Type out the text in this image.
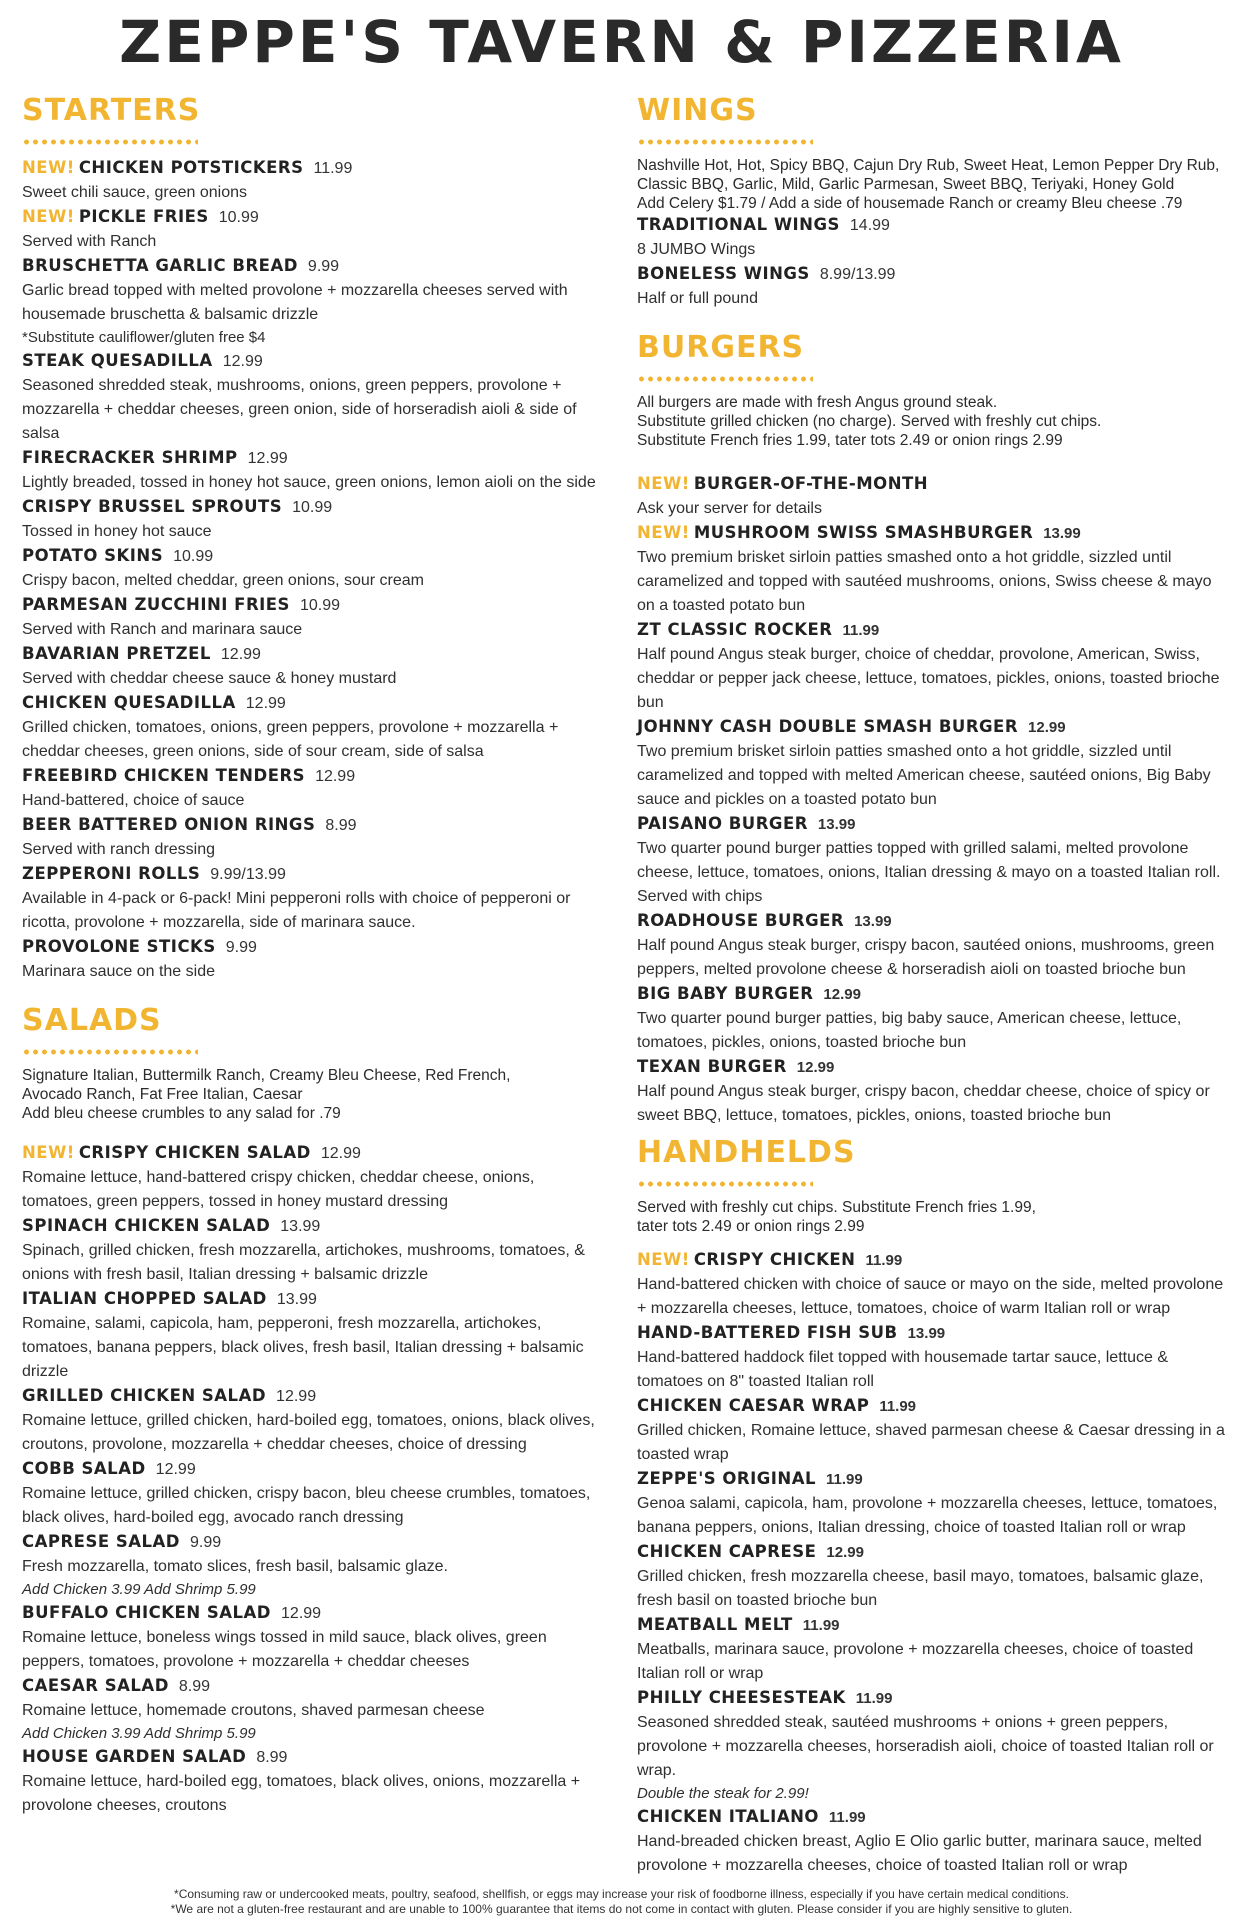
ZEPPE'S TAVERN & PIZZERIA
STARTERS
NEW! CHICKEN POTSTICKERS 11.99
Sweet chili sauce, green onions
NEW! PICKLE FRIES 10.99
Served with Ranch
BRUSCHETTA GARLIC BREAD 9.99
Garlic bread topped with melted provolone + mozzarella cheeses served with housemade bruschetta & balsamic drizzle
*Substitute cauliflower/gluten free $4
STEAK QUESADILLA 12.99
Seasoned shredded steak, mushrooms, onions, green peppers, provolone + mozzarella + cheddar cheeses, green onion, side of horseradish aioli & side of salsa
FIRECRACKER SHRIMP 12.99
Lightly breaded, tossed in honey hot sauce, green onions, lemon aioli on the side
CRISPY BRUSSEL SPROUTS 10.99
Tossed in honey hot sauce
POTATO SKINS 10.99
Crispy bacon, melted cheddar, green onions, sour cream
PARMESAN ZUCCHINI FRIES 10.99
Served with Ranch and marinara sauce
BAVARIAN PRETZEL 12.99
Served with cheddar cheese sauce & honey mustard
CHICKEN QUESADILLA 12.99
Grilled chicken, tomatoes, onions, green peppers, provolone + mozzarella + cheddar cheeses, green onions, side of sour cream, side of salsa
FREEBIRD CHICKEN TENDERS 12.99
Hand-battered, choice of sauce
BEER BATTERED ONION RINGS 8.99
Served with ranch dressing
ZEPPERONI ROLLS 9.99/13.99
Available in 4-pack or 6-pack! Mini pepperoni rolls with choice of pepperoni or ricotta, provolone + mozzarella, side of marinara sauce.
PROVOLONE STICKS 9.99
Marinara sauce on the side
SALADS
Signature Italian, Buttermilk Ranch, Creamy Bleu Cheese, Red French,
Avocado Ranch, Fat Free Italian, Caesar
Add bleu cheese crumbles to any salad for .79
NEW! CRISPY CHICKEN SALAD 12.99
Romaine lettuce, hand-battered crispy chicken, cheddar cheese, onions, tomatoes, green peppers, tossed in honey mustard dressing
SPINACH CHICKEN SALAD 13.99
Spinach, grilled chicken, fresh mozzarella, artichokes, mushrooms, tomatoes, & onions with fresh basil, Italian dressing + balsamic drizzle
ITALIAN CHOPPED SALAD 13.99
Romaine, salami, capicola, ham, pepperoni, fresh mozzarella, artichokes, tomatoes, banana peppers, black olives, fresh basil, Italian dressing + balsamic drizzle
GRILLED CHICKEN SALAD 12.99
Romaine lettuce, grilled chicken, hard-boiled egg, tomatoes, onions, black olives, croutons, provolone, mozzarella + cheddar cheeses, choice of dressing
COBB SALAD 12.99
Romaine lettuce, grilled chicken, crispy bacon, bleu cheese crumbles, tomatoes, black olives, hard-boiled egg, avocado ranch dressing
CAPRESE SALAD 9.99
Fresh mozzarella, tomato slices, fresh basil, balsamic glaze.
Add Chicken 3.99 Add Shrimp 5.99
BUFFALO CHICKEN SALAD 12.99
Romaine lettuce, boneless wings tossed in mild sauce, black olives, green peppers, tomatoes, provolone + mozzarella + cheddar cheeses
CAESAR SALAD 8.99
Romaine lettuce, homemade croutons, shaved parmesan cheese
Add Chicken 3.99 Add Shrimp 5.99
HOUSE GARDEN SALAD 8.99
Romaine lettuce, hard-boiled egg, tomatoes, black olives, onions, mozzarella + provolone cheeses, croutons
WINGS
Nashville Hot, Hot, Spicy BBQ, Cajun Dry Rub, Sweet Heat, Lemon Pepper Dry Rub,
Classic BBQ, Garlic, Mild, Garlic Parmesan, Sweet BBQ, Teriyaki, Honey Gold
Add Celery $1.79 / Add a side of housemade Ranch or creamy Bleu cheese .79
TRADITIONAL WINGS 14.99
8 JUMBO Wings
BONELESS WINGS 8.99/13.99
Half or full pound
BURGERS
All burgers are made with fresh Angus ground steak.
Substitute grilled chicken (no charge). Served with freshly cut chips.
Substitute French fries 1.99, tater tots 2.49 or onion rings 2.99
NEW! BURGER-OF-THE-MONTH
Ask your server for details
NEW! MUSHROOM SWISS SMASHBURGER 13.99
Two premium brisket sirloin patties smashed onto a hot griddle, sizzled until caramelized and topped with sautéed mushrooms, onions, Swiss cheese & mayo on a toasted potato bun
ZT CLASSIC ROCKER 11.99
Half pound Angus steak burger, choice of cheddar, provolone, American, Swiss, cheddar or pepper jack cheese, lettuce, tomatoes, pickles, onions, toasted brioche bun
JOHNNY CASH DOUBLE SMASH BURGER 12.99
Two premium brisket sirloin patties smashed onto a hot griddle, sizzled until caramelized and topped with melted American cheese, sautéed onions, Big Baby sauce and pickles on a toasted potato bun
PAISANO BURGER 13.99
Two quarter pound burger patties topped with grilled salami, melted provolone cheese, lettuce, tomatoes, onions, Italian dressing & mayo on a toasted Italian roll. Served with chips
ROADHOUSE BURGER 13.99
Half pound Angus steak burger, crispy bacon, sautéed onions, mushrooms, green peppers, melted provolone cheese & horseradish aioli on toasted brioche bun
BIG BABY BURGER 12.99
Two quarter pound burger patties, big baby sauce, American cheese, lettuce, tomatoes, pickles, onions, toasted brioche bun
TEXAN BURGER 12.99
Half pound Angus steak burger, crispy bacon, cheddar cheese, choice of spicy or sweet BBQ, lettuce, tomatoes, pickles, onions, toasted brioche bun
HANDHELDS
Served with freshly cut chips. Substitute French fries 1.99,
tater tots 2.49 or onion rings 2.99
NEW! CRISPY CHICKEN 11.99
Hand-battered chicken with choice of sauce or mayo on the side, melted provolone + mozzarella cheeses, lettuce, tomatoes, choice of warm Italian roll or wrap
HAND-BATTERED FISH SUB 13.99
Hand-battered haddock filet topped with housemade tartar sauce, lettuce & tomatoes on 8" toasted Italian roll
CHICKEN CAESAR WRAP 11.99
Grilled chicken, Romaine lettuce, shaved parmesan cheese & Caesar dressing in a toasted wrap
ZEPPE'S ORIGINAL 11.99
Genoa salami, capicola, ham, provolone + mozzarella cheeses, lettuce, tomatoes, banana peppers, onions, Italian dressing, choice of toasted Italian roll or wrap
CHICKEN CAPRESE 12.99
Grilled chicken, fresh mozzarella cheese, basil mayo, tomatoes, balsamic glaze, fresh basil on toasted brioche bun
MEATBALL MELT 11.99
Meatballs, marinara sauce, provolone + mozzarella cheeses, choice of toasted Italian roll or wrap
PHILLY CHEESESTEAK 11.99
Seasoned shredded steak, sautéed mushrooms + onions + green peppers, provolone + mozzarella cheeses, horseradish aioli, choice of toasted Italian roll or wrap.
Double the steak for 2.99!
CHICKEN ITALIANO 11.99
Hand-breaded chicken breast, Aglio E Olio garlic butter, marinara sauce, melted provolone + mozzarella cheeses, choice of toasted Italian roll or wrap
*Consuming raw or undercooked meats, poultry, seafood, shellfish, or eggs may increase your risk of foodborne illness, especially if you have certain medical conditions.
*We are not a gluten-free restaurant and are unable to 100% guarantee that items do not come in contact with gluten. Please consider if you are highly sensitive to gluten.
